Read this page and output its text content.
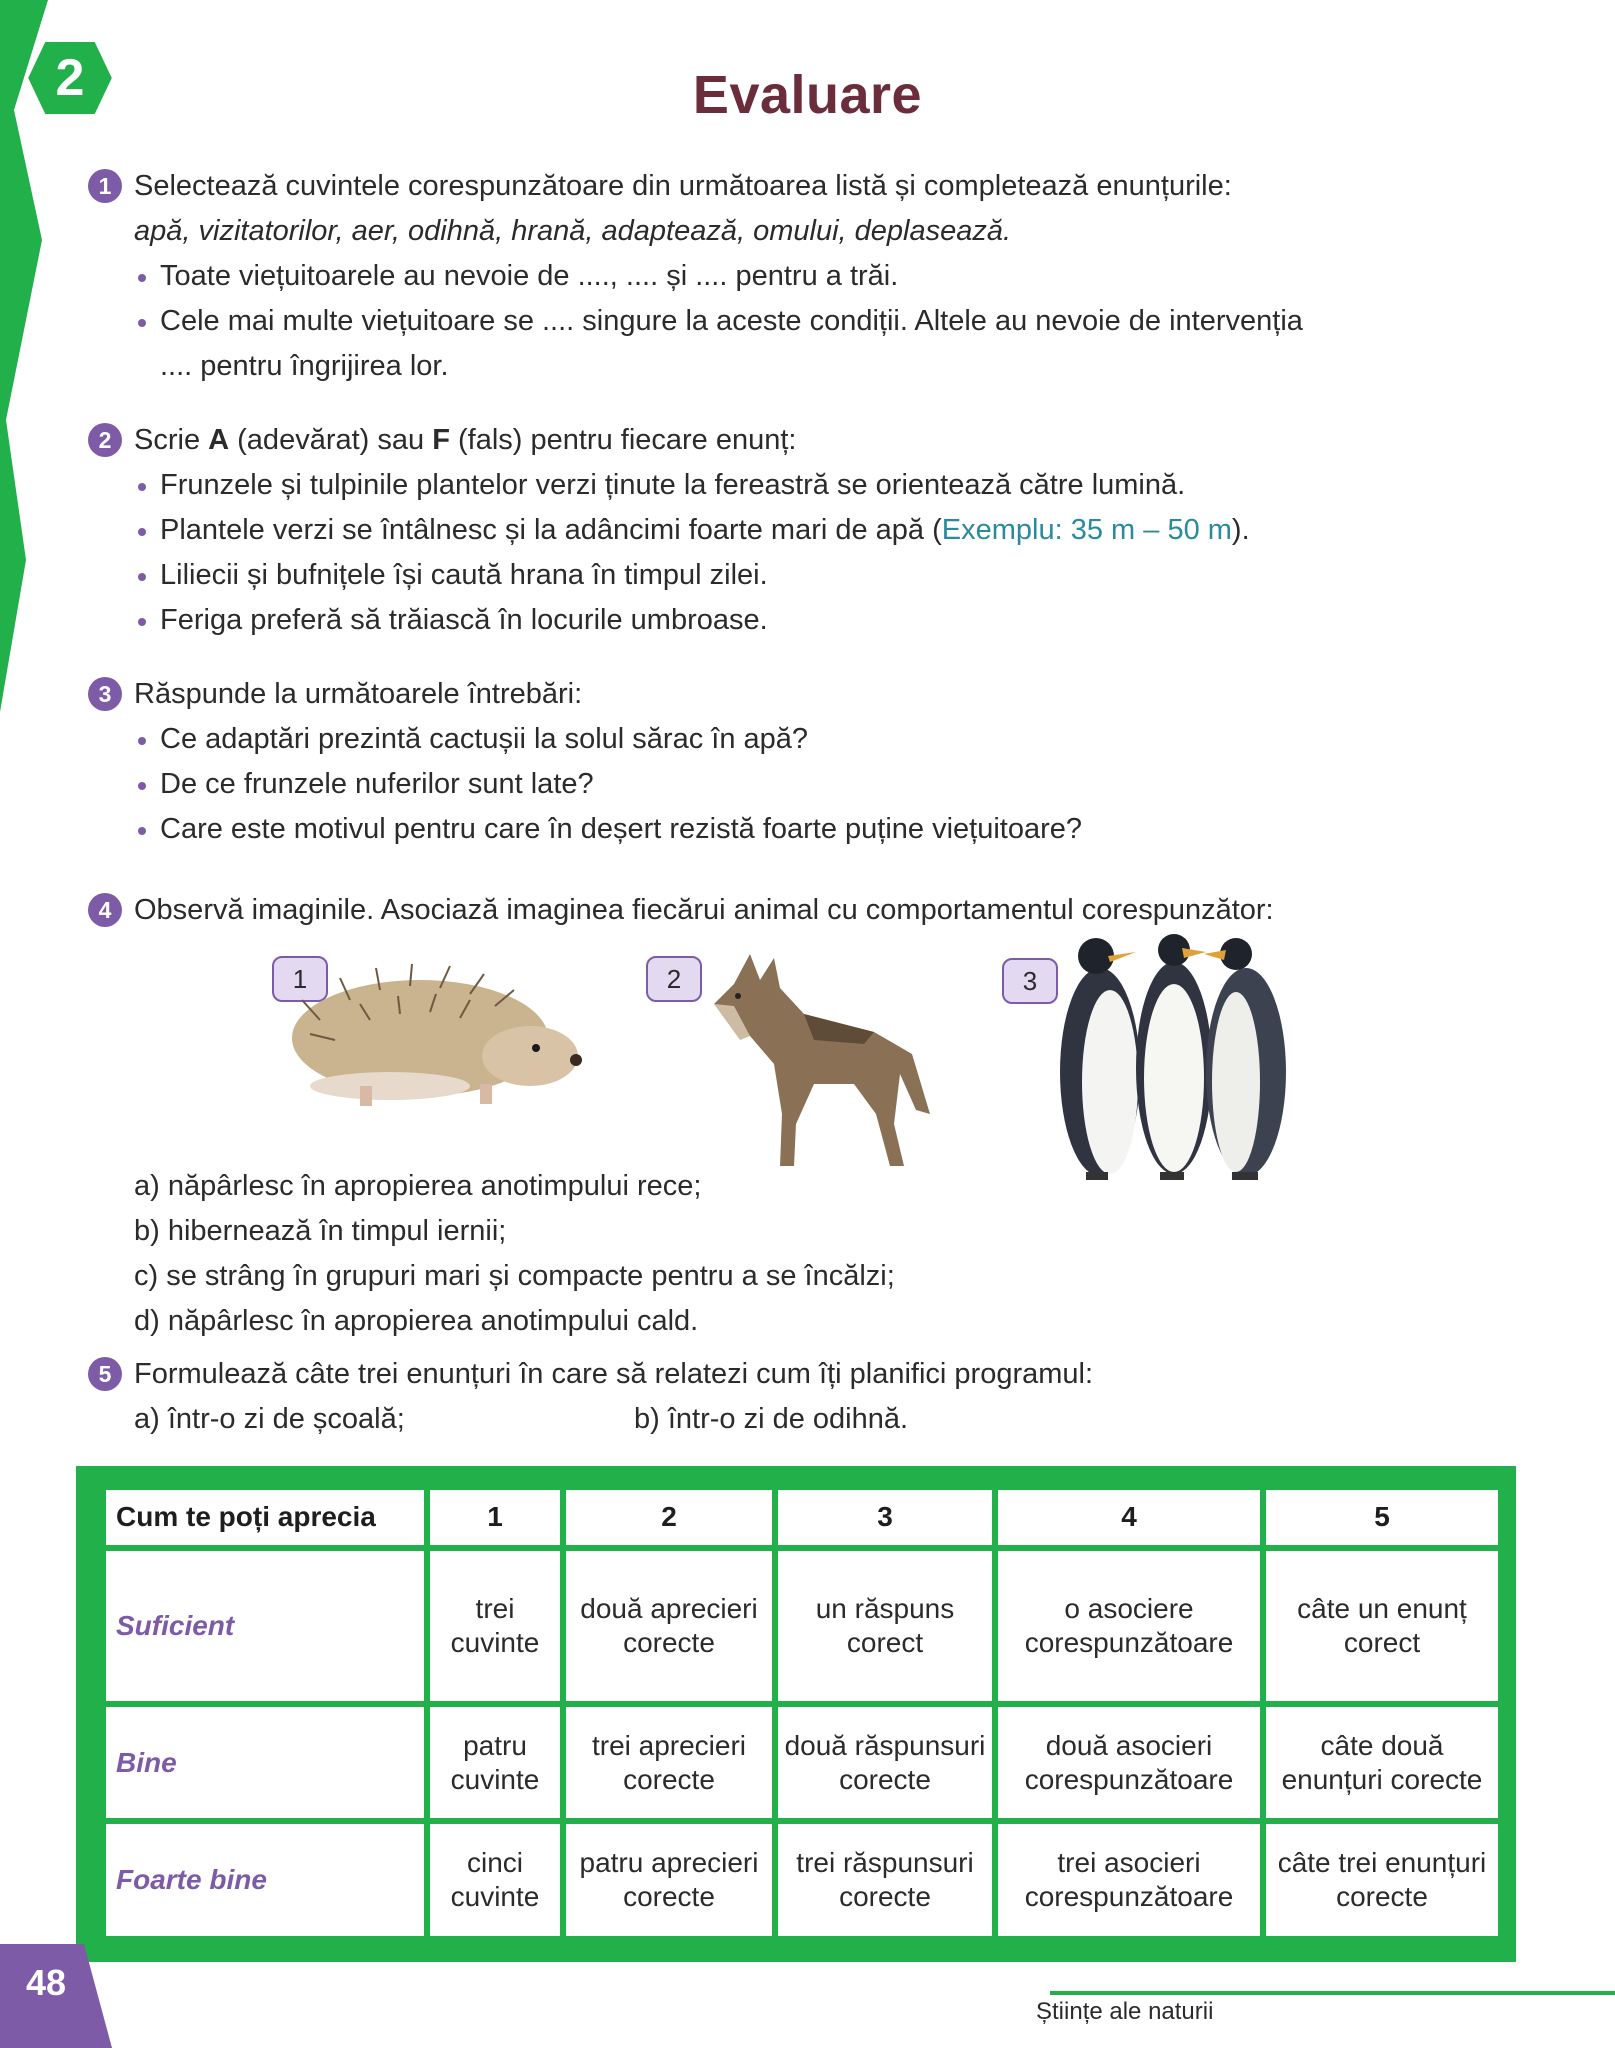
2	Evaluare
1 Selectează cuvintele corespunzătoare din următoarea listă și completează enunțurile:
apă, vizitatorilor, aer, odihnă, hrană, adaptează, omului, deplasează.
Toate viețuitoarele au nevoie de ...., .... și .... pentru a trăi.
Cele mai multe viețuitoare se .... singure la aceste condiții. Altele au nevoie de intervenția
.... pentru îngrijirea lor.
2 Scrie A (adevărat) sau F (fals) pentru fiecare enunț:
Frunzele și tulpinile plantelor verzi ținute la fereastră se orientează către lumină.
Plantele verzi se întâlnesc și la adâncimi foarte mari de apă (Exemplu: 35 m – 50 m).
Liliecii și bufnițele își caută hrana în timpul zilei.
Feriga preferă să trăiască în locurile umbroase.
3 Răspunde la următoarele întrebări:
Ce adaptări prezintă cactușii la solul sărac în apă?
De ce frunzele nuferilor sunt late?
Care este motivul pentru care în deșert rezistă foarte puține viețuitoare?
4 Observă imaginile. Asociază imaginea fiecărui animal cu comportamentul corespunzător:
1	2	3
a) năpârlesc în apropierea anotimpului rece;
b) hibernează în timpul iernii;
c) se strâng în grupuri mari și compacte pentru a se încălzi;
d) năpârlesc în apropierea anotimpului cald.
5 Formulează câte trei enunțuri în care să relatezi cum îți planifici programul:
a) într-o zi de școală;	b) într-o zi de odihnă.
Cum te poți aprecia	1	2	3	4	5
Suficient	trei cuvinte	două aprecieri corecte	un răspuns corect	o asociere corespunzătoare	câte un enunț corect
Bine	patru cuvinte	trei aprecieri corecte	două răspunsuri corecte	două asocieri corespunzătoare	câte două enunțuri corecte
Foarte bine	cinci cuvinte	patru aprecieri corecte	trei răspunsuri corecte	trei asocieri corespunzătoare	câte trei enunțuri corecte
48
Științe ale naturii
